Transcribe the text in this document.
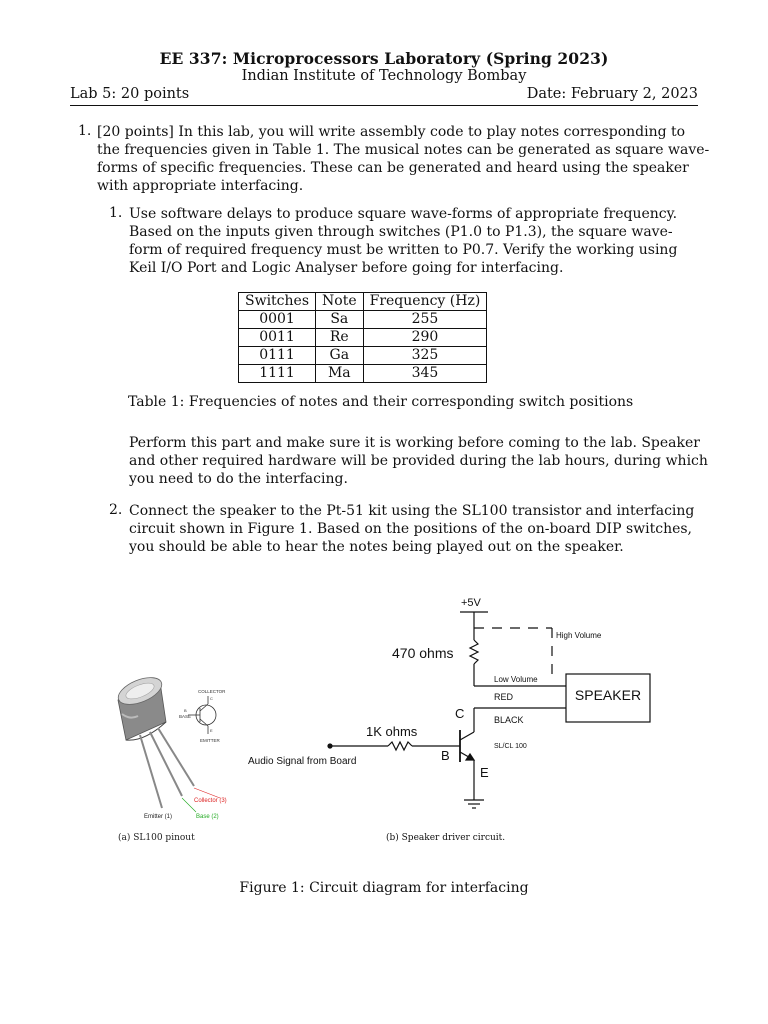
EE 337: Microprocessors Laboratory (Spring 2023)
Indian Institute of Technology Bombay
Lab 5: 20 points	Date: February 2, 2023
1. [20 points] In this lab, you will write assembly code to play notes corresponding to
the frequencies given in Table 1. The musical notes can be generated as square wave-
forms of specific frequencies. These can be generated and heard using the speaker
with appropriate interfacing.
1. Use software delays to produce square wave-forms of appropriate frequency.
Based on the inputs given through switches (P1.0 to P1.3), the square wave-
form of required frequency must be written to P0.7. Verify the working using
Keil I/O Port and Logic Analyser before going for interfacing.
Switches	Note	Frequency (Hz)
0001	Sa	255
0011	Re	290
0111	Ga	325
1111	Ma	345
Table 1: Frequencies of notes and their corresponding switch positions
Perform this part and make sure it is working before coming to the lab. Speaker
and other required hardware will be provided during the lab hours, during which
you need to do the interfacing.
2. Connect the speaker to the Pt-51 kit using the SL100 transistor and interfacing
circuit shown in Figure 1. Based on the positions of the on-board DIP switches,
you should be able to hear the notes being played out on the speaker.
COLLECTOR
BASE
EMITTER
C
B
E
Collector (3)
Base (2)
Emitter (1)
(a) SL100 pinout
+5V
470 ohms
High Volume
Low Volume
RED
BLACK
SPEAKER
1K ohms
C
B
E
SL/CL 100
Audio Signal from Board
(b) Speaker driver circuit.
Figure 1: Circuit diagram for interfacing
